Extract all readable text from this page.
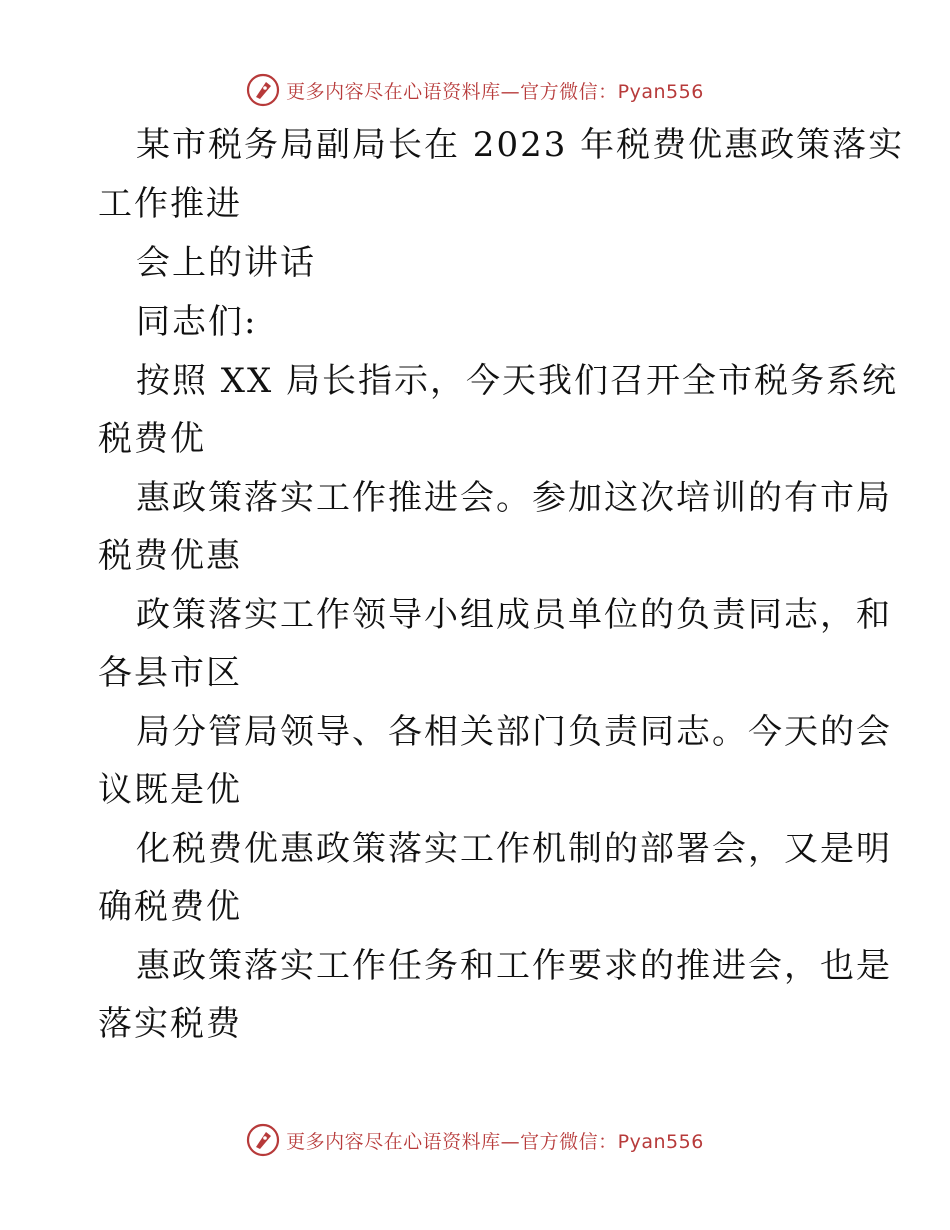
更多内容尽在心语资料库—官方微信：Pyan556
某市税务局副局长在 2023 年税费优惠政策落实
工作推进
会上的讲话
同志们:
按照 XX 局长指示，今天我们召开全市税务系统
税费优
惠政策落实工作推进会。参加这次培训的有市局
税费优惠
政策落实工作领导小组成员单位的负责同志，和
各县市区
局分管局领导、各相关部门负责同志。今天的会
议既是优
化税费优惠政策落实工作机制的部署会，又是明
确税费优
惠政策落实工作任务和工作要求的推进会，也是
落实税费
更多内容尽在心语资料库—官方微信：Pyan556
